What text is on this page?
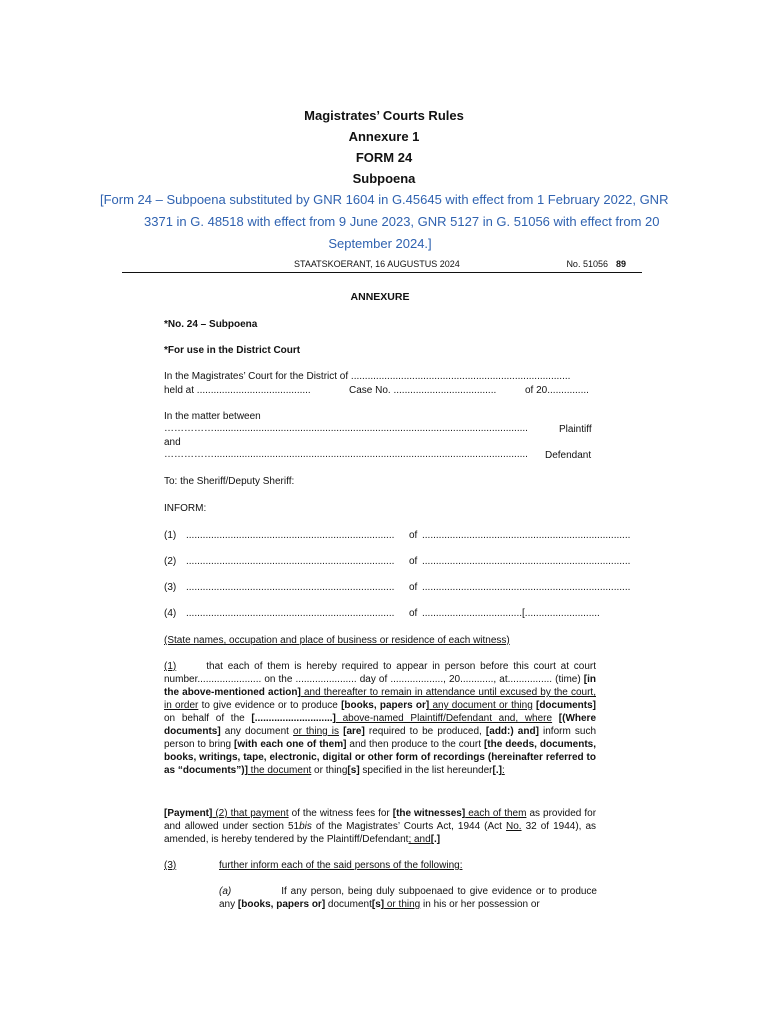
Magistrates’ Courts Rules
Annexure 1
FORM 24
Subpoena
[Form 24 – Subpoena substituted by GNR 1604 in G.45645 with effect from 1 February 2022, GNR
3371 in G. 48518 with effect from 9 June 2023, GNR 5127 in G. 51056 with effect from 20
September 2024.]
STAATSKOERANT, 16 AUGUSTUS 2024	No. 51056 89
ANNEXURE
*No. 24 – Subpoena
*For use in the District Court
In the Magistrates’ Court for the District of ...............................................................................
held at .........................................	Case No. .....................................	of 20...............
In the matter between
…………….................................................................................................................	Plaintiff
and
…………….................................................................................................................	Defendant
To: the Sheriff/Deputy Sheriff:
INFORM:
(1) ...........................................................................	of ...........................................................................
(2) ...........................................................................	of ...........................................................................
(3) ...........................................................................	of ...........................................................................
(4) ...........................................................................	of ....................................[...........................
(State names, occupation and place of business or residence of each witness)
(1)	that each of them is hereby required to appear in person before this court at court number....................... on the ...................... day of ..................., 20............, at................ (time) [in the above-mentioned action] and thereafter to remain in attendance until excused by the court, in order to give evidence or to produce [books, papers or] any document or thing [documents] on behalf of the [............................] above-named Plaintiff/Defendant and, where [(Where documents] any document or thing is [are] required to be produced, [add:) and] inform such person to bring [with each one of them] and then produce to the court [the deeds, documents, books, writings, tape, electronic, digital or other form of recordings (hereinafter referred to as “documents”)] the document or thing[s] specified in the list hereunder[.]:
[Payment] (2) that payment of the witness fees for [the witnesses] each of them as provided for and allowed under section 51bis of the Magistrates’ Courts Act, 1944 (Act No. 32 of 1944), as amended, is hereby tendered by the Plaintiff/Defendant; and[.]
(3)	further inform each of the said persons of the following:
(a)	If any person, being duly subpoenaed to give evidence or to produce any [books, papers or] document[s] or thing in his or her possession or
